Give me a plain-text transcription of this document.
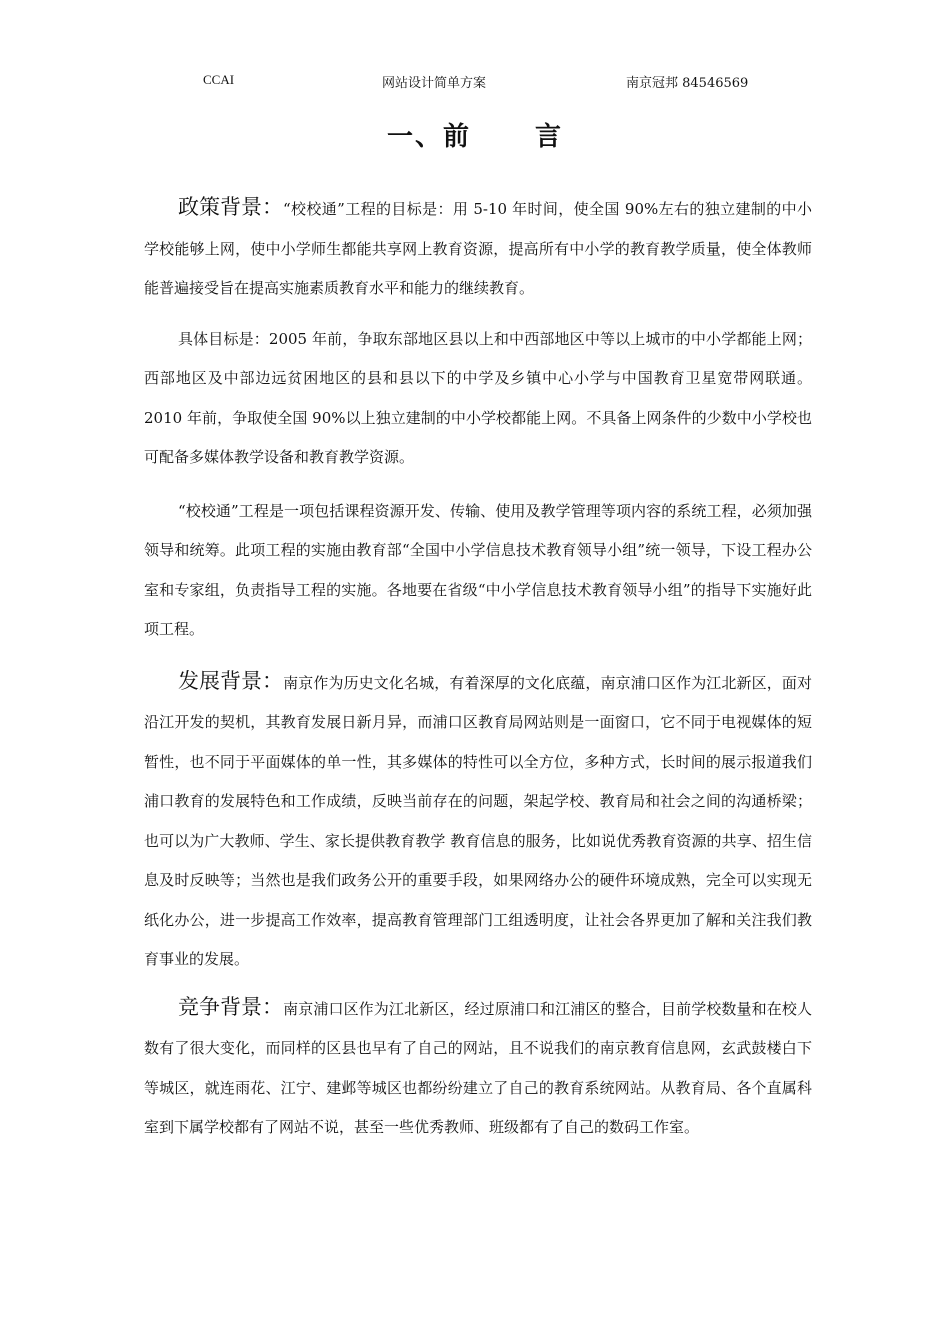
CCAI	网站设计简单方案	南京冠邦 84546569
一、前 言

政策背景：“校校通”工程的目标是：用 5-10 年时间，使全国 90%左右的独立建制的中小学校能够上网，使中小学师生都能共享网上教育资源，提高所有中小学的教育教学质量，使全体教师能普遍接受旨在提高实施素质教育水平和能力的继续教育。

具体目标是：2005 年前，争取东部地区县以上和中西部地区中等以上城市的中小学都能上网；西部地区及中部边远贫困地区的县和县以下的中学及乡镇中心小学与中国教育卫星宽带网联通。2010 年前，争取使全国 90%以上独立建制的中小学校都能上网。不具备上网条件的少数中小学校也可配备多媒体教学设备和教育教学资源。

“校校通”工程是一项包括课程资源开发、传输、使用及教学管理等项内容的系统工程，必须加强领导和统筹。此项工程的实施由教育部“全国中小学信息技术教育领导小组”统一领导，下设工程办公室和专家组，负责指导工程的实施。各地要在省级“中小学信息技术教育领导小组”的指导下实施好此项工程。

发展背景：南京作为历史文化名城，有着深厚的文化底蕴，南京浦口区作为江北新区，面对沿江开发的契机，其教育发展日新月异，而浦口区教育局网站则是一面窗口，它不同于电视媒体的短暂性，也不同于平面媒体的单一性，其多媒体的特性可以全方位，多种方式，长时间的展示报道我们浦口教育的发展特色和工作成绩，反映当前存在的问题，架起学校、教育局和社会之间的沟通桥梁；也可以为广大教师、学生、家长提供教育教学 教育信息的服务，比如说优秀教育资源的共享、招生信息及时反映等；当然也是我们政务公开的重要手段，如果网络办公的硬件环境成熟，完全可以实现无纸化办公，进一步提高工作效率，提高教育管理部门工组透明度，让社会各界更加了解和关注我们教育事业的发展。

竞争背景：南京浦口区作为江北新区，经过原浦口和江浦区的整合，目前学校数量和在校人数有了很大变化，而同样的区县也早有了自己的网站，且不说我们的南京教育信息网，玄武鼓楼白下等城区，就连雨花、江宁、建邺等城区也都纷纷建立了自己的教育系统网站。从教育局、各个直属科室到下属学校都有了网站不说，甚至一些优秀教师、班级都有了自己的数码工作室。
